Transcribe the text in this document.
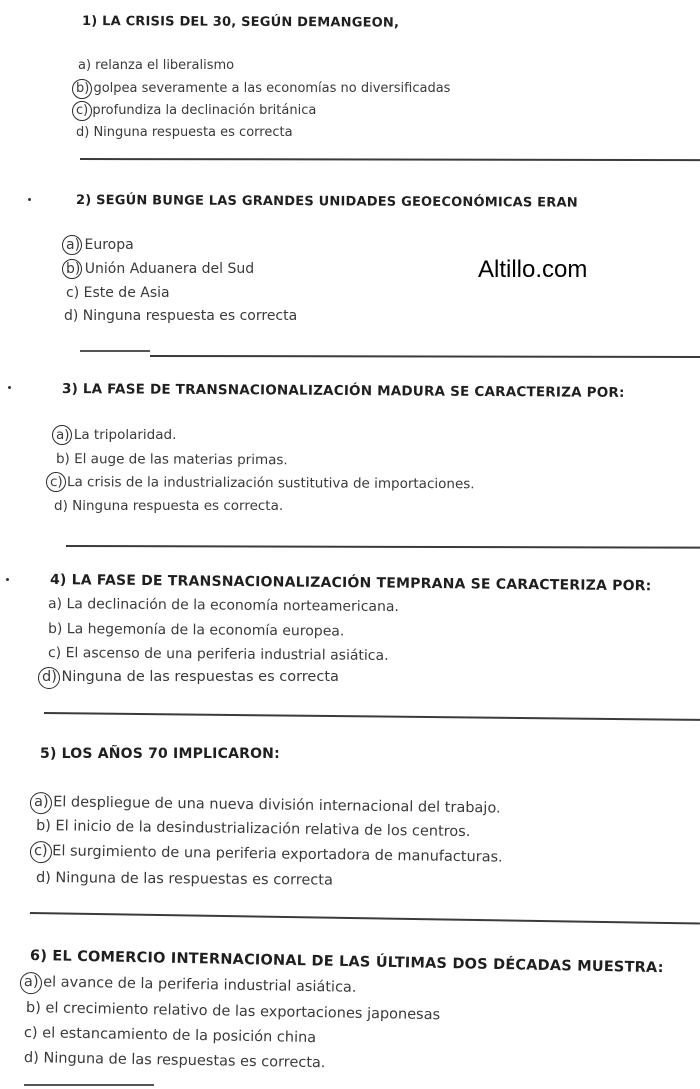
1) LA CRISIS DEL 30, SEGÚN DEMANGEON,
a) relanza el liberalismo
b) golpea severamente a las economías no diversificadas
c) profundiza la declinación británica
d) Ninguna respuesta es correcta
2) SEGÚN BUNGE LAS GRANDES UNIDADES GEOECONÓMICAS ERAN
a) Europa
b) Unión Aduanera del Sud
c) Este de Asia
d) Ninguna respuesta es correcta
3) LA FASE DE TRANSNACIONALIZACIÓN MADURA SE CARACTERIZA POR:
a) La tripolaridad.
b) El auge de las materias primas.
c) La crisis de la industrialización sustitutiva de importaciones.
d) Ninguna respuesta es correcta.
4) LA FASE DE TRANSNACIONALIZACIÓN TEMPRANA SE CARACTERIZA POR:
a) La declinación de la economía norteamericana.
b) La hegemonía de la economía europea.
c) El ascenso de una periferia industrial asiática.
d) Ninguna de las respuestas es correcta
5) LOS AÑOS 70 IMPLICARON:
a) El despliegue de una nueva división internacional del trabajo.
b) El inicio de la desindustrialización relativa de los centros.
c) El surgimiento de una periferia exportadora de manufacturas.
d) Ninguna de las respuestas es correcta
6) EL COMERCIO INTERNACIONAL DE LAS ÚLTIMAS DOS DÉCADAS MUESTRA:
a) el avance de la periferia industrial asiática.
b) el crecimiento relativo de las exportaciones japonesas
c) el estancamiento de la posición china
d) Ninguna de las respuestas es correcta.
Altillo.com
